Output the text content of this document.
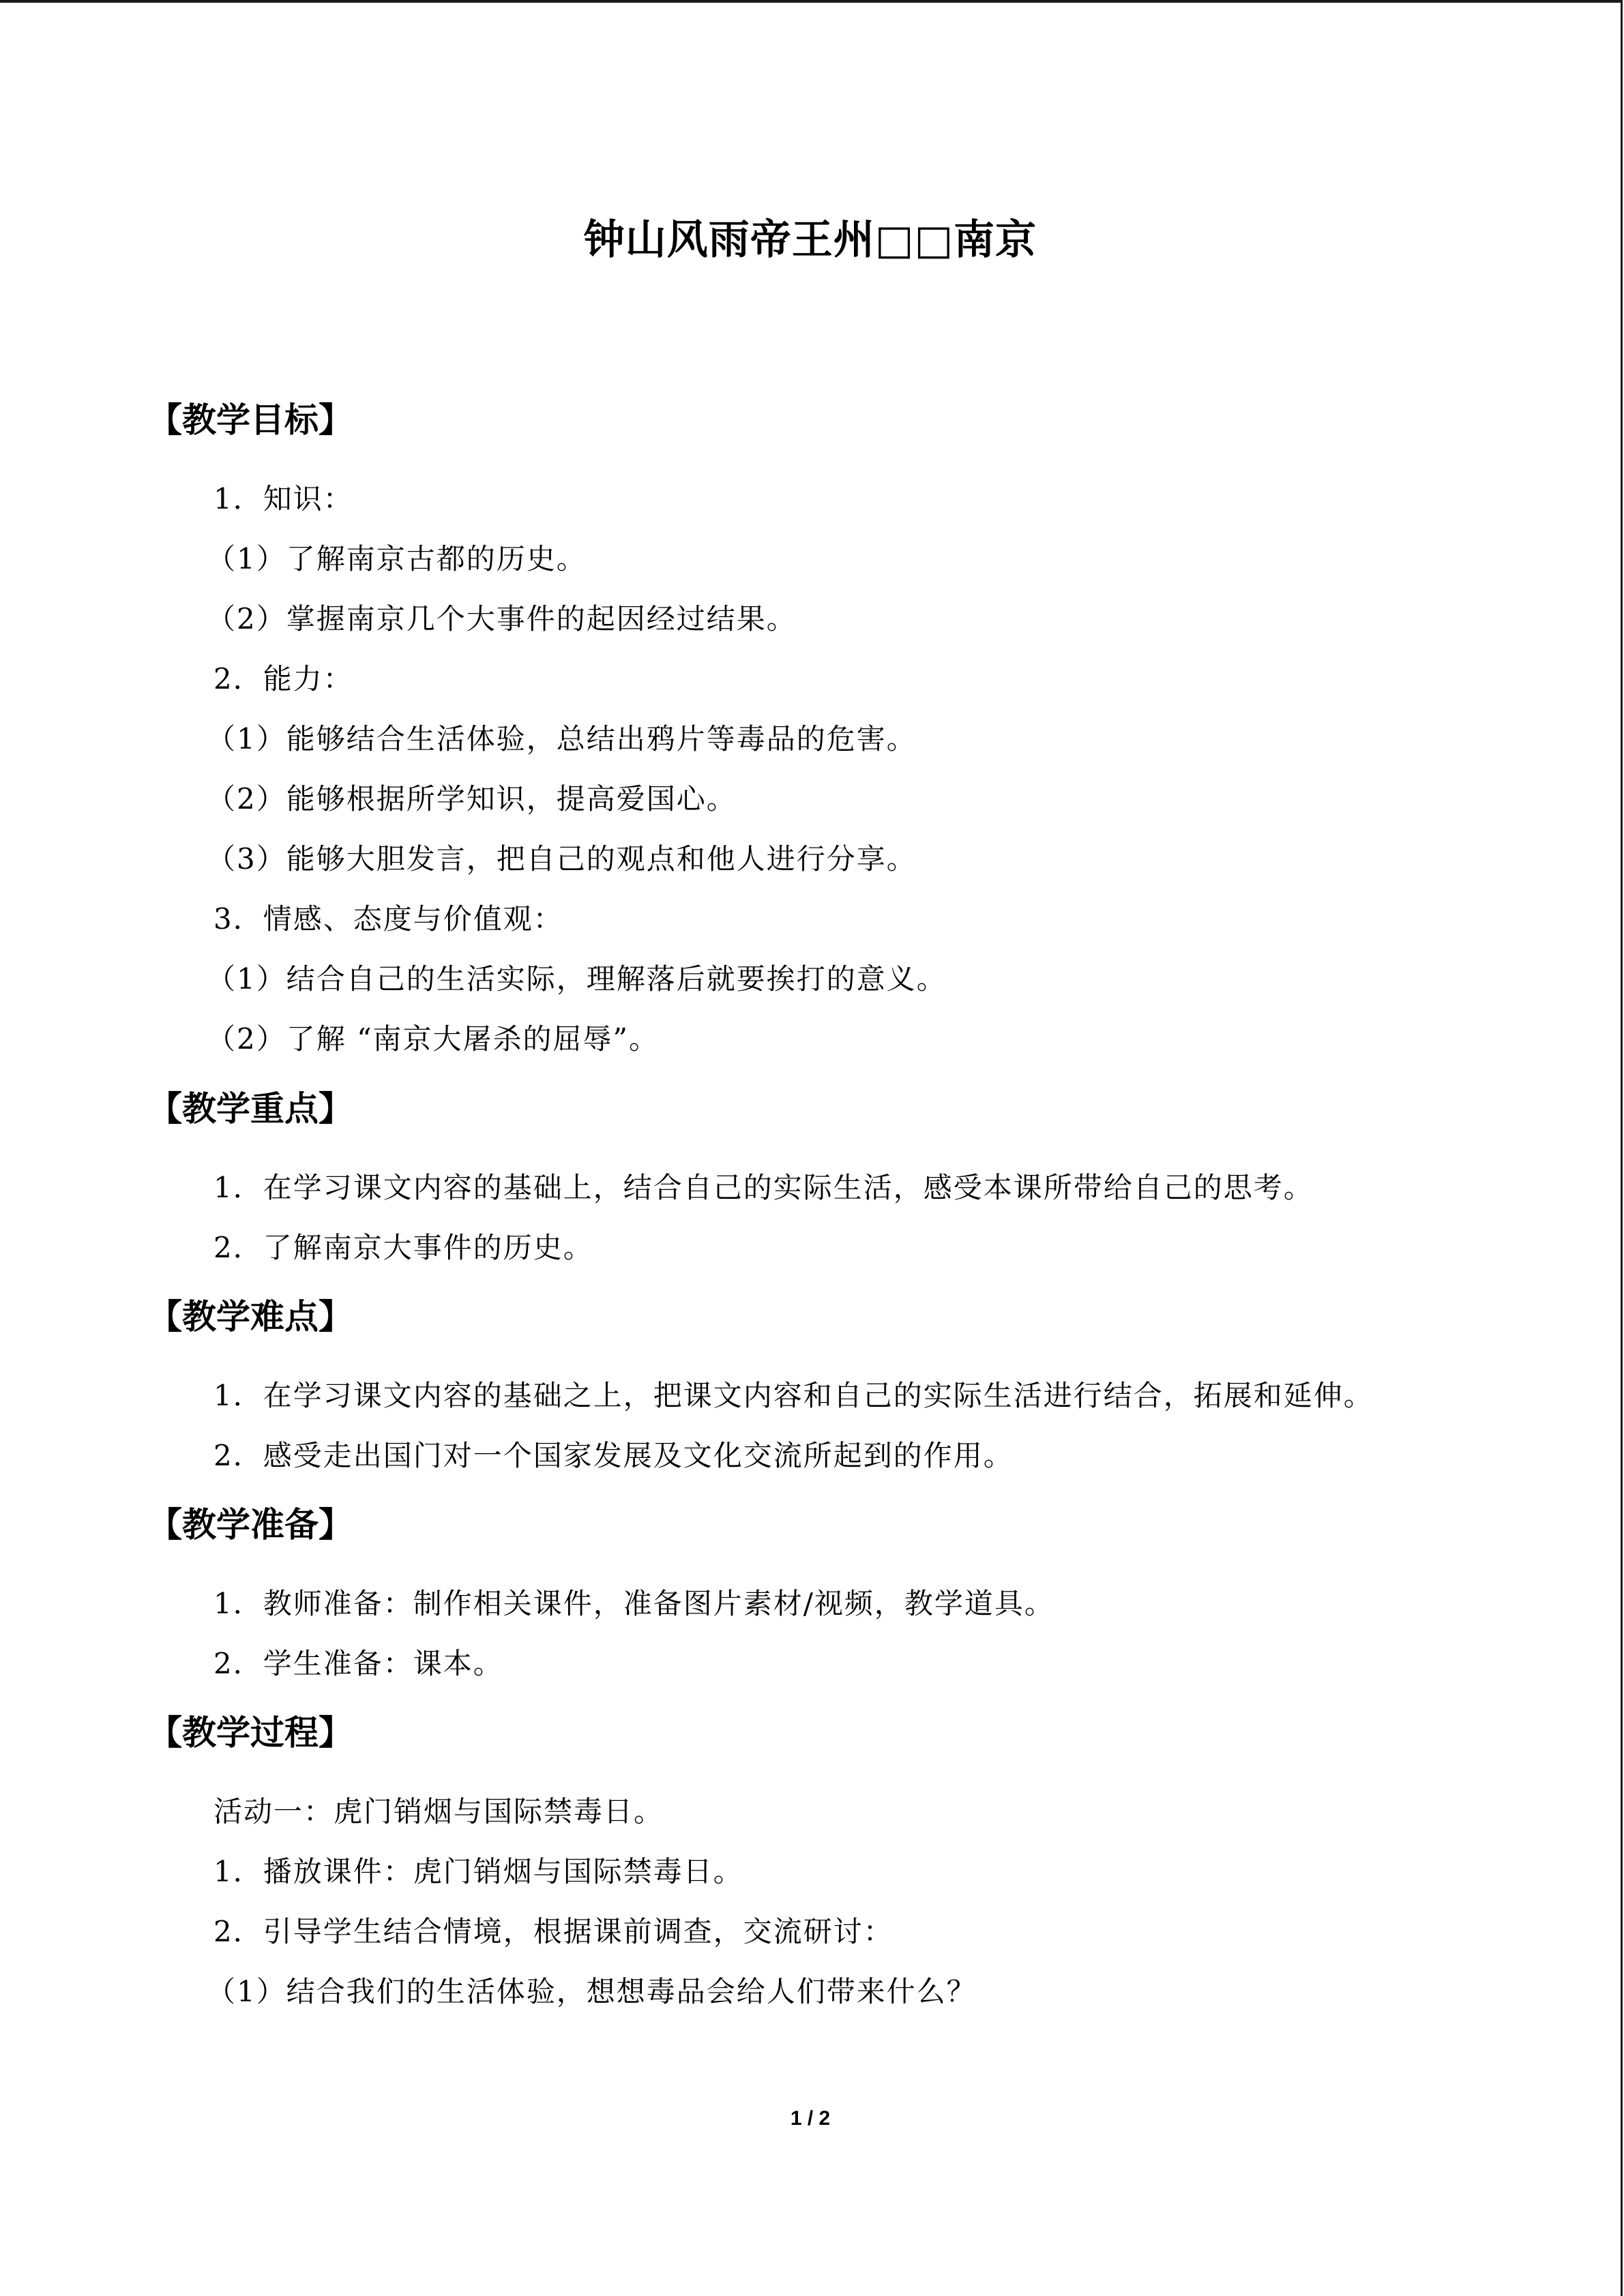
钟山风雨帝王州□□南京
【教学目标】
1．知识：
（1）了解南京古都的历史。
（2）掌握南京几个大事件的起因经过结果。
2．能力：
（1）能够结合生活体验，总结出鸦片等毒品的危害。
（2）能够根据所学知识，提高爱国心。
（3）能够大胆发言，把自己的观点和他人进行分享。
3．情感、态度与价值观：
（1）结合自己的生活实际，理解落后就要挨打的意义。
（2）了解 “南京大屠杀的屈辱”。
【教学重点】
1．在学习课文内容的基础上，结合自己的实际生活，感受本课所带给自己的思考。
2．了解南京大事件的历史。
【教学难点】
1．在学习课文内容的基础之上，把课文内容和自己的实际生活进行结合，拓展和延伸。
2．感受走出国门对一个国家发展及文化交流所起到的作用。
【教学准备】
1．教师准备：制作相关课件，准备图片素材/视频，教学道具。
2．学生准备：课本。
【教学过程】
活动一：虎门销烟与国际禁毒日。
1．播放课件：虎门销烟与国际禁毒日。
2．引导学生结合情境，根据课前调查，交流研讨：
（1）结合我们的生活体验，想想毒品会给人们带来什么？
1 / 2
